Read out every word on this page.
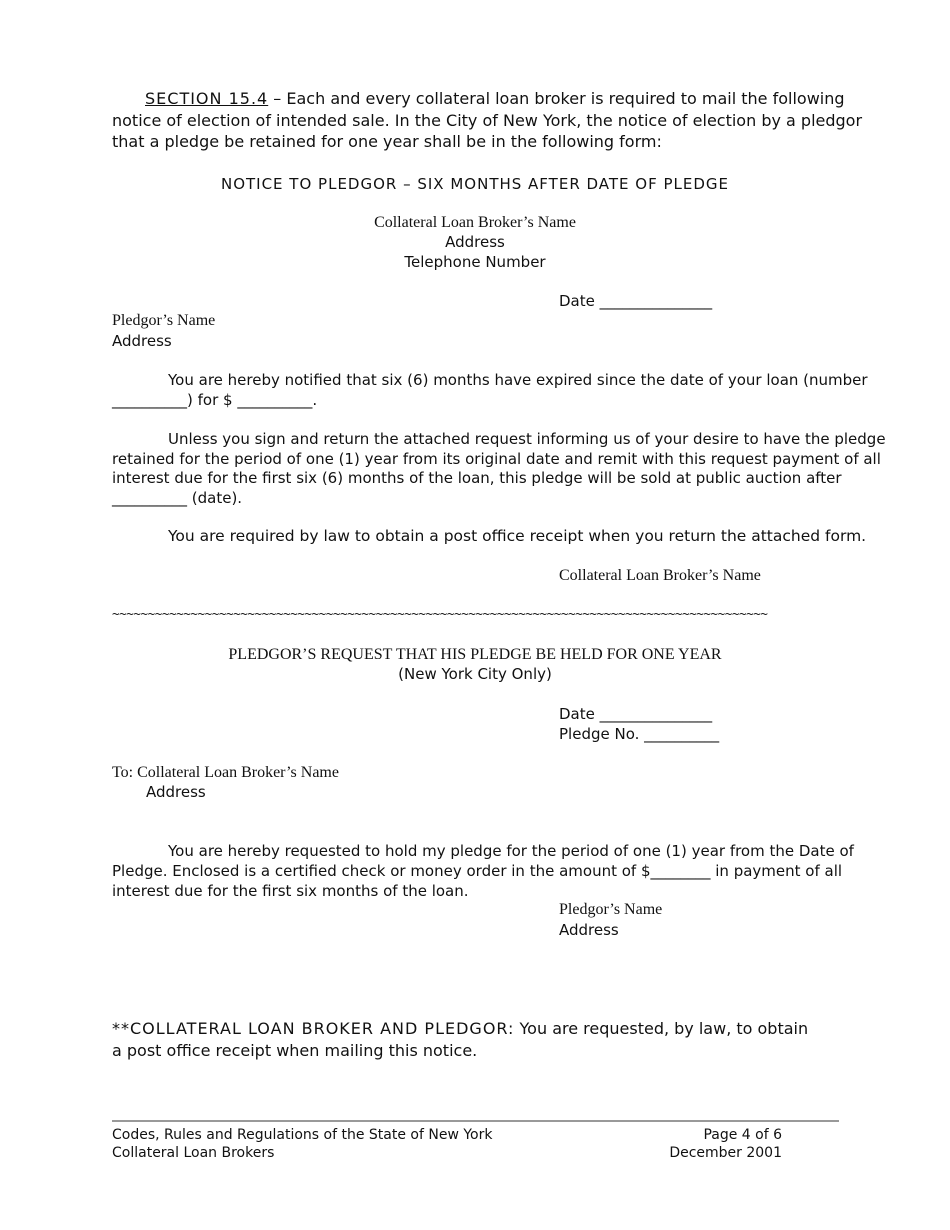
SECTION 15.4 – Each and every collateral loan broker is required to mail the following
notice of election of intended sale. In the City of New York, the notice of election by a pledgor
that a pledge be retained for one year shall be in the following form:
NOTICE TO PLEDGOR – SIX MONTHS AFTER DATE OF PLEDGE
Collateral Loan Broker’s Name
Address
Telephone Number
Date _______________
Pledgor’s Name
Address
You are hereby notified that six (6) months have expired since the date of your loan (number
__________) for $ __________.
Unless you sign and return the attached request informing us of your desire to have the pledge
retained for the period of one (1) year from its original date and remit with this request payment of all
interest due for the first six (6) months of the loan, this pledge will be sold at public auction after
__________ (date).
You are required by law to obtain a post office receipt when you return the attached form.
Collateral Loan Broker’s Name
~~~~~~~~~~~~~~~~~~~~~~~~~~~~~~~~~~~~~~~~~~~~~~~~~~~~~~~~~~~~~~~~~~~~~~~~~~~~~~~~~~~~~~~~~~~~
PLEDGOR’S REQUEST THAT HIS PLEDGE BE HELD FOR ONE YEAR
(New York City Only)
Date _______________
Pledge No. __________
To: Collateral Loan Broker’s Name
Address
You are hereby requested to hold my pledge for the period of one (1) year from the Date of
Pledge. Enclosed is a certified check or money order in the amount of $________ in payment of all
interest due for the first six months of the loan.
Pledgor’s Name
Address
**COLLATERAL LOAN BROKER AND PLEDGOR: You are requested, by law, to obtain
a post office receipt when mailing this notice.
Codes, Rules and Regulations of the State of New York
Collateral Loan Brokers
Page 4 of 6
December 2001
